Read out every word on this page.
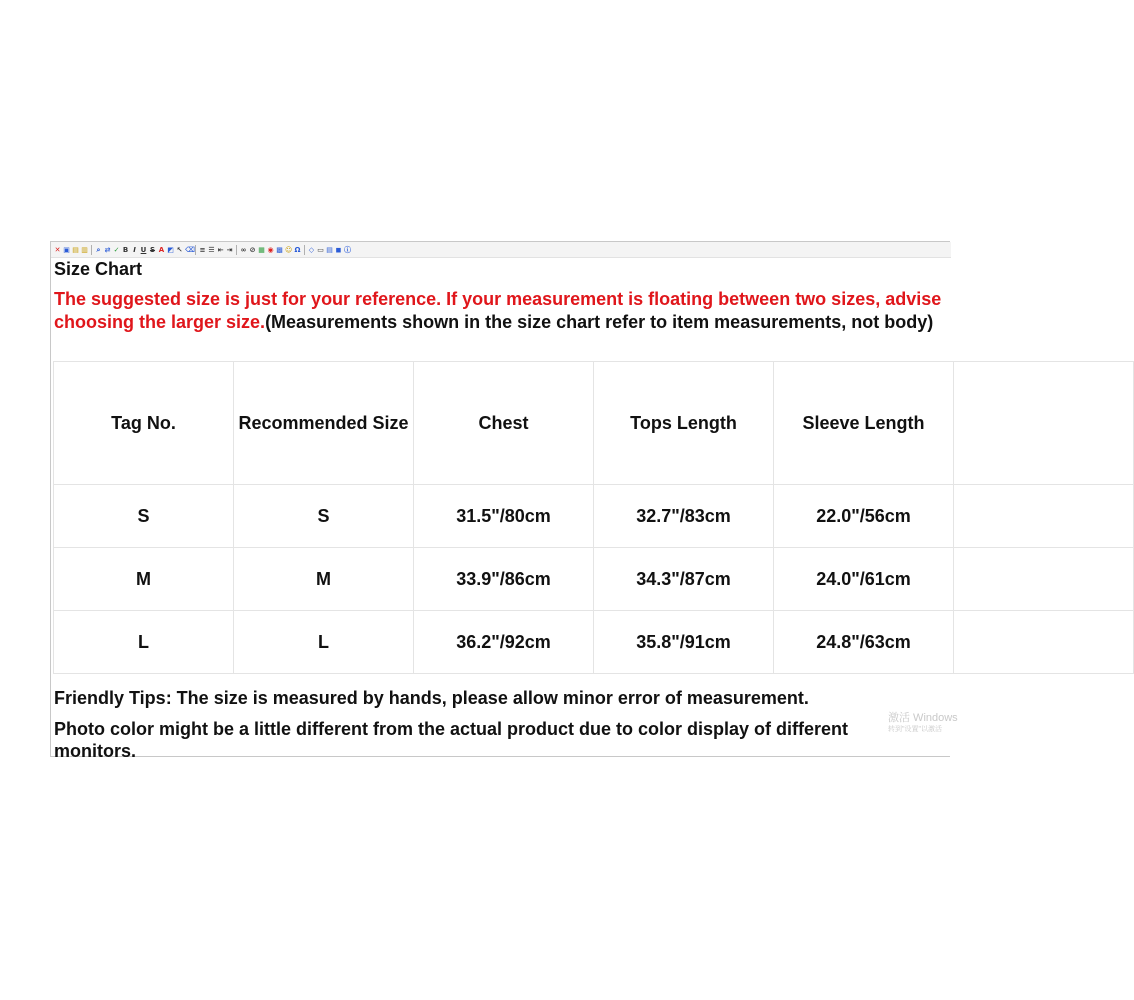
✕ ▣ ▤ ▥ ⌕ ⇄ ✓ B I U S A ◩ ↖ ⌫ ≡ ☰ ⇤ ⇥ ∞ ⊘ ▦ ◉ ▩ ☺ Ω ◇ ▭ ▤ ◼ ⓘ
Size Chart
The suggested size is just for your reference. If your measurement is floating between two sizes, advise choosing the larger size.(Measurements shown in the size chart refer to item measurements, not body)
Tag No.	Recommended Size	Chest	Tops Length	Sleeve Length	
S	S	31.5"/80cm	32.7"/83cm	22.0"/56cm	
M	M	33.9"/86cm	34.3"/87cm	24.0"/61cm	
L	L	36.2"/92cm	35.8"/91cm	24.8"/63cm	

Friendly Tips: The size is measured by hands, please allow minor error of measurement.

Photo color might be a little different from the actual product due to color display of different monitors.

激活 Windows
转到"设置"以激活
